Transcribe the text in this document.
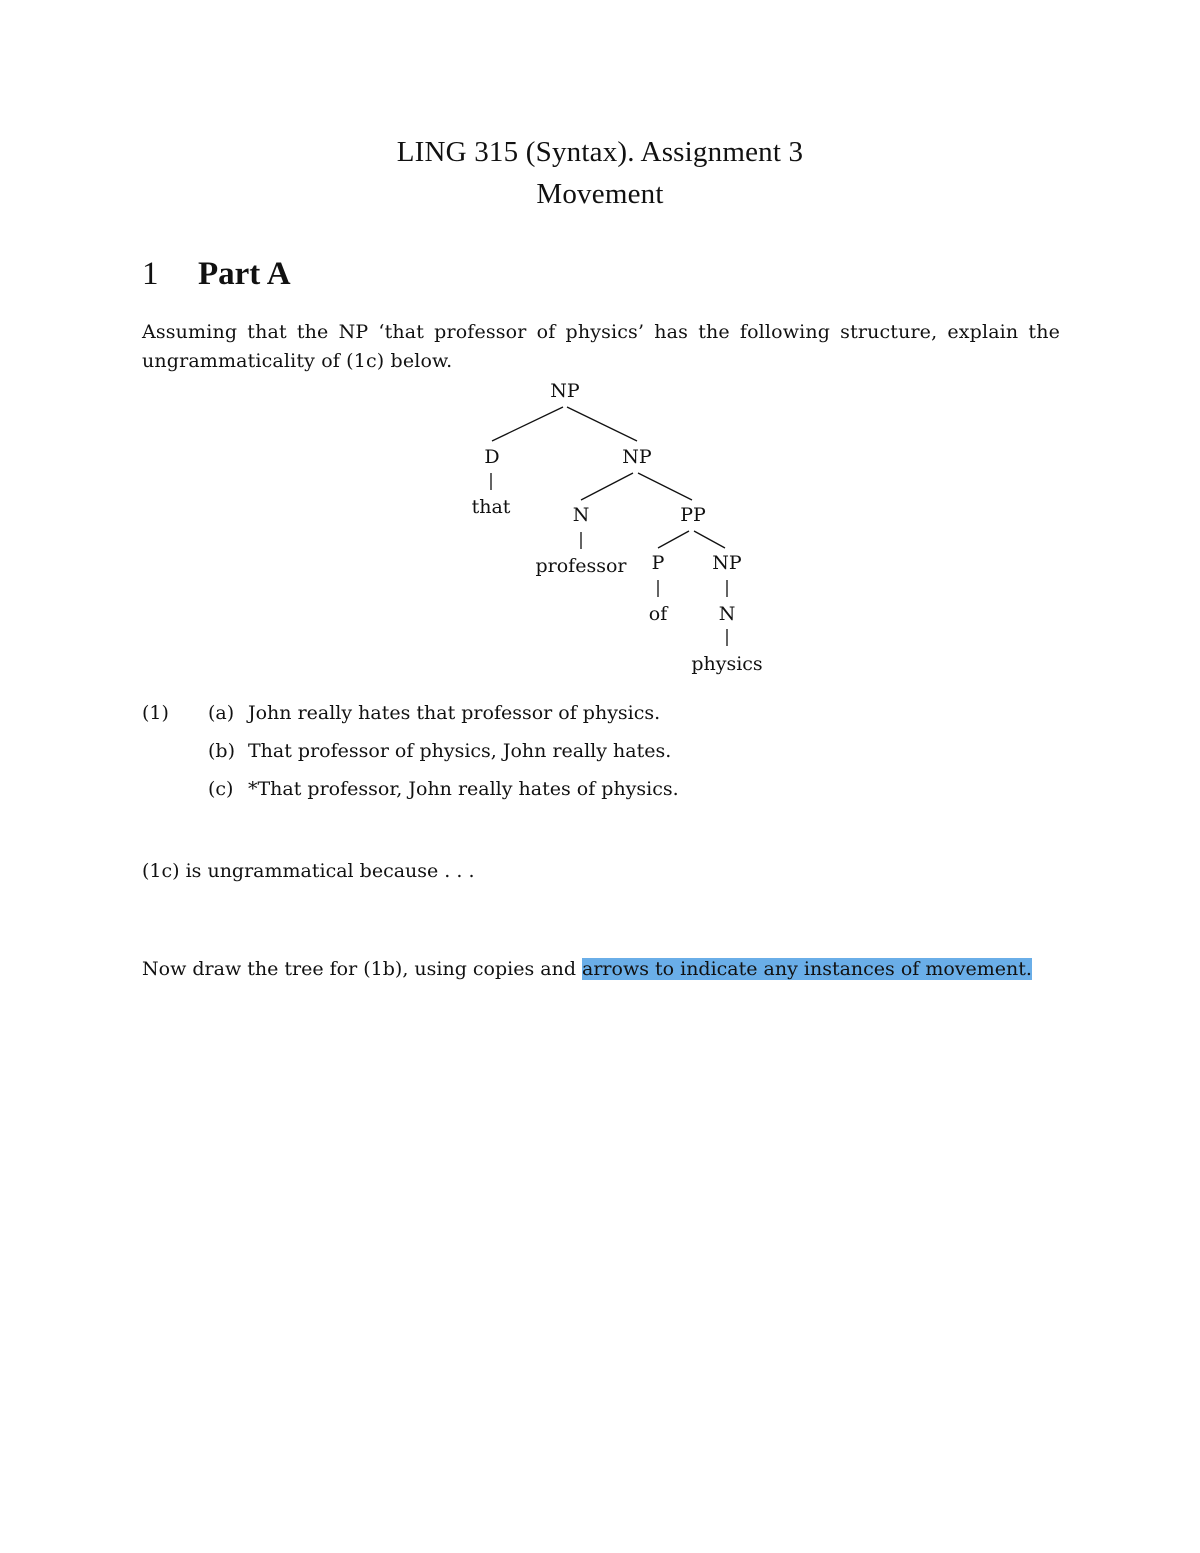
LING 315 (Syntax). Assignment 3
Movement
1	Part A
Assuming that the NP ‘that professor of physics’ has the following structure, explain the ungrammaticality of (1c) below.
NP
D
that
NP
N
professor
PP
P
of
NP
N
physics
(1) (a) John really hates that professor of physics.
(b) That professor of physics, John really hates.
(c) *That professor, John really hates of physics.
(1c) is ungrammatical because . . .
Now draw the tree for (1b), using copies and arrows to indicate any instances of movement.
